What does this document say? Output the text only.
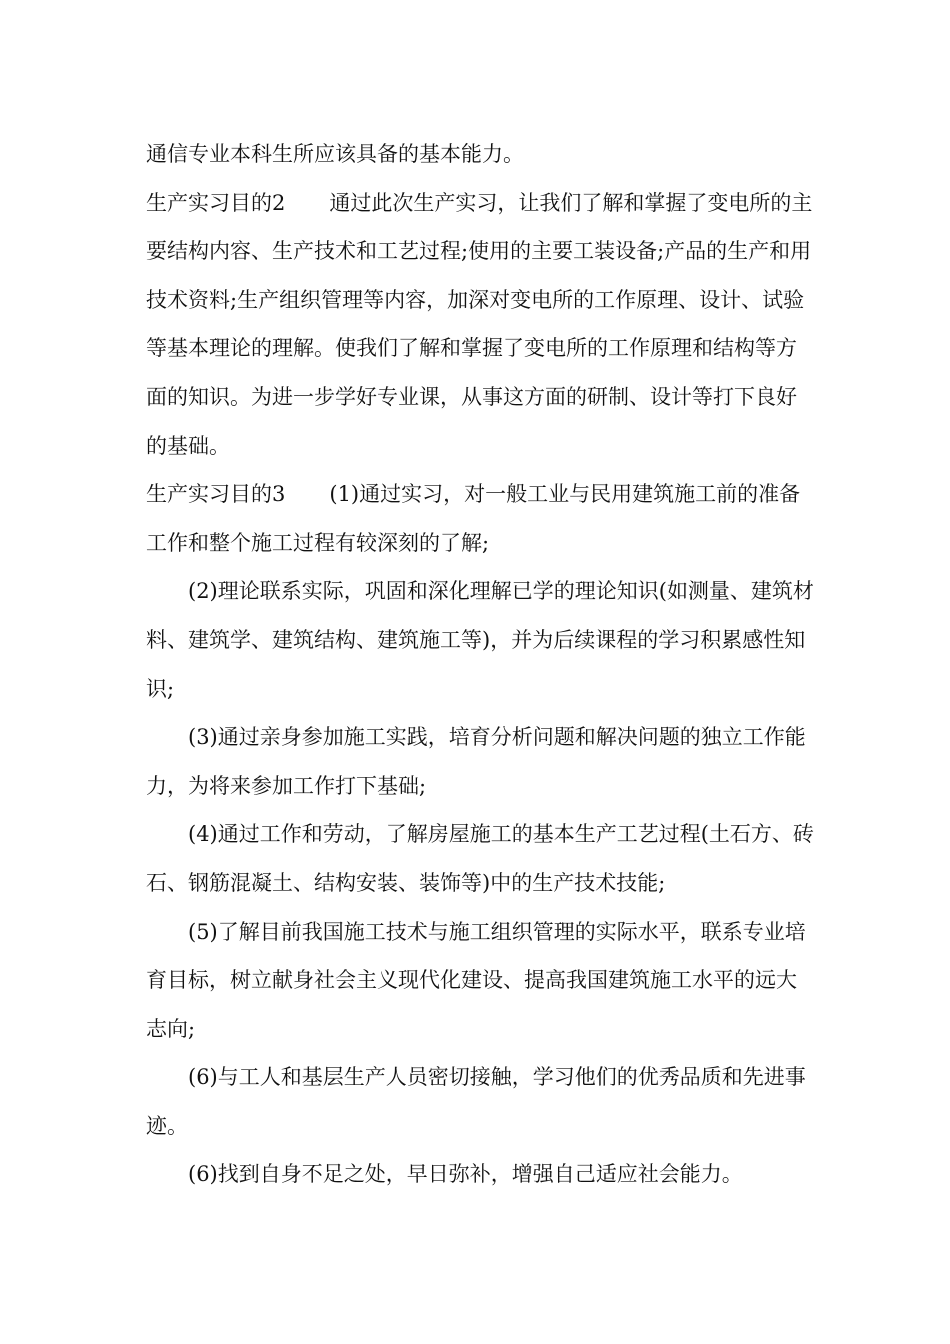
通信专业本科生所应该具备的基本能力。

生产实习目的2 通过此次生产实习，让我们了解和掌握了变电所的主要结构内容、生产技术和工艺过程;使用的主要工装设备;产品的生产和用技术资料;生产组织管理等内容，加深对变电所的工作原理、设计、试验等基本理论的理解。使我们了解和掌握了变电所的工作原理和结构等方面的知识。为进一步学好专业课，从事这方面的研制、设计等打下良好的基础。

生产实习目的3 (1)通过实习，对一般工业与民用建筑施工前的准备工作和整个施工过程有较深刻的了解;

(2)理论联系实际，巩固和深化理解已学的理论知识(如测量、建筑材料、建筑学、建筑结构、建筑施工等)，并为后续课程的学习积累感性知识;

(3)通过亲身参加施工实践，培育分析问题和解决问题的独立工作能力，为将来参加工作打下基础;

(4)通过工作和劳动，了解房屋施工的基本生产工艺过程(土石方、砖石、钢筋混凝土、结构安装、装饰等)中的生产技术技能;

(5)了解目前我国施工技术与施工组织管理的实际水平，联系专业培育目标，树立献身社会主义现代化建设、提高我国建筑施工水平的远大志向;

(6)与工人和基层生产人员密切接触，学习他们的优秀品质和先进事迹。

(6)找到自身不足之处，早日弥补，增强自己适应社会能力。
